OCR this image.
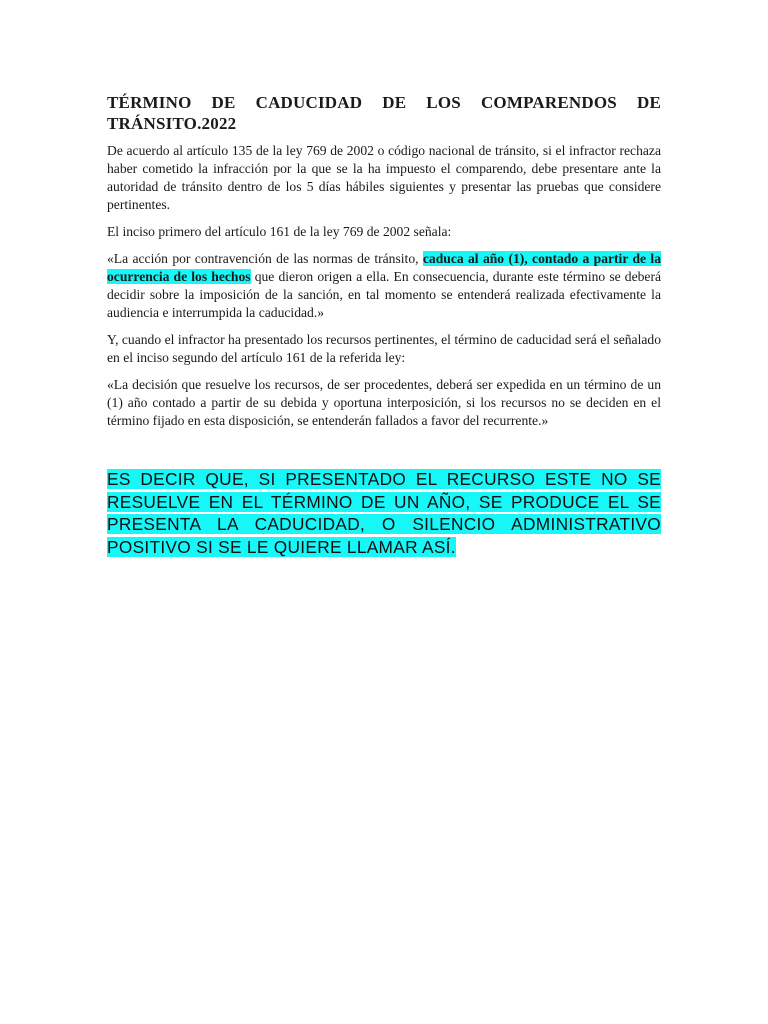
TÉRMINO DE CADUCIDAD DE LOS COMPARENDOS DE TRÁNSITO.2022

De acuerdo al artículo 135 de la ley 769 de 2002 o código nacional de tránsito, si el infractor rechaza haber cometido la infracción por la que se la ha impuesto el comparendo, debe presentare ante la autoridad de tránsito dentro de los 5 días hábiles siguientes y presentar las pruebas que considere pertinentes.

El inciso primero del artículo 161 de la ley 769 de 2002 señala:

«La acción por contravención de las normas de tránsito, caduca al año (1), contado a partir de la ocurrencia de los hechos que dieron origen a ella. En consecuencia, durante este término se deberá decidir sobre la imposición de la sanción, en tal momento se entenderá realizada efectivamente la audiencia e interrumpida la caducidad.»

Y, cuando el infractor ha presentado los recursos pertinentes, el término de caducidad será el señalado en el inciso segundo del artículo 161 de la referida ley:

«La decisión que resuelve los recursos, de ser procedentes, deberá ser expedida en un término de un (1) año contado a partir de su debida y oportuna interposición, si los recursos no se deciden en el término fijado en esta disposición, se entenderán fallados a favor del recurrente.»

ES DECIR QUE, SI PRESENTADO EL RECURSO ESTE NO SE RESUELVE EN EL TÉRMINO DE UN AÑO, SE PRODUCE EL SE PRESENTA LA CADUCIDAD, O SILENCIO ADMINISTRATIVO POSITIVO SI SE LE QUIERE LLAMAR ASÍ.
